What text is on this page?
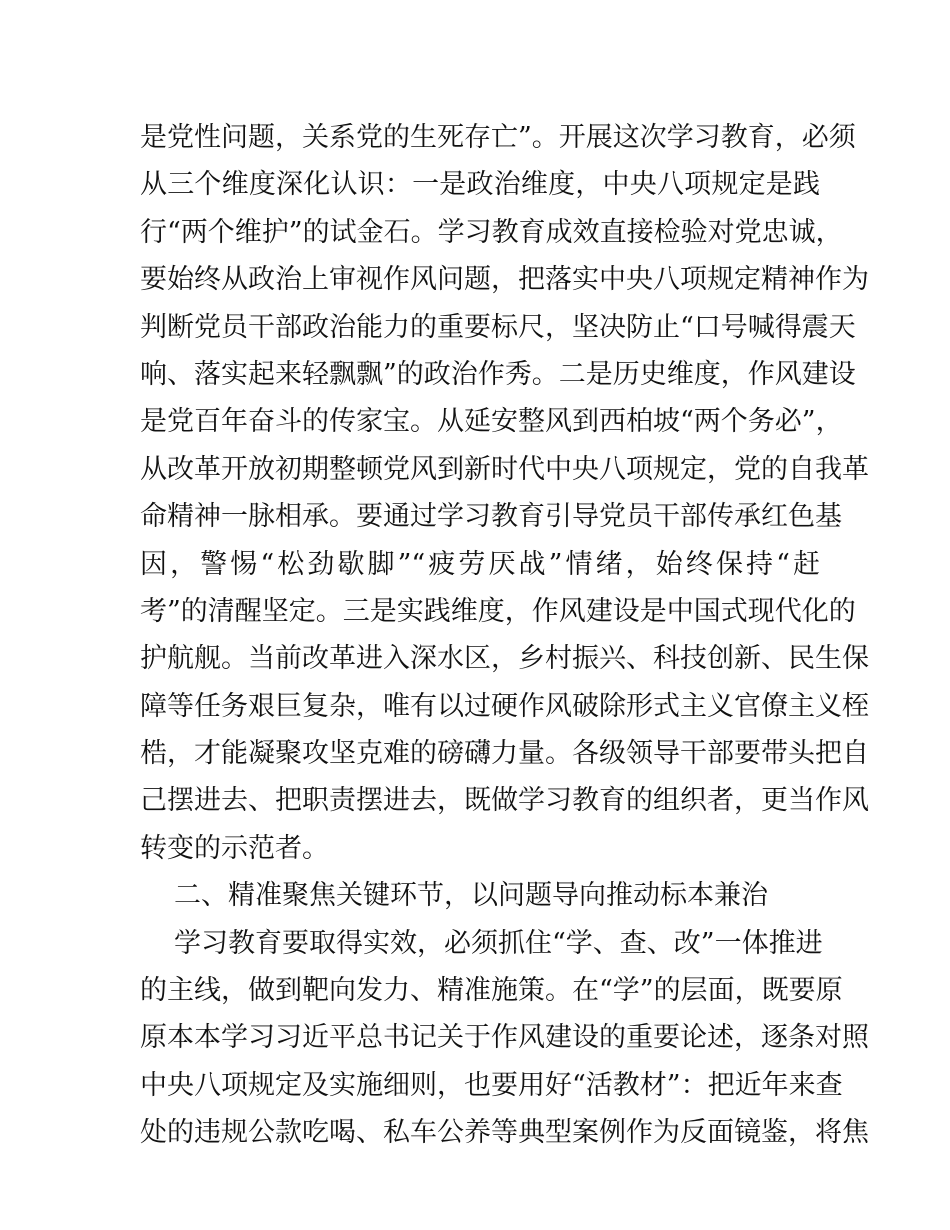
是党性问题，关系党的生死存亡”。开展这次学习教育，必须
从三个维度深化认识：一是政治维度，中央八项规定是践
行“两个维护”的试金石。学习教育成效直接检验对党忠诚，
要始终从政治上审视作风问题，把落实中央八项规定精神作为
判断党员干部政治能力的重要标尺，坚决防止“口号喊得震天
响、落实起来轻飘飘”的政治作秀。二是历史维度，作风建设
是党百年奋斗的传家宝。从延安整风到西柏坡“两个务必”，
从改革开放初期整顿党风到新时代中央八项规定，党的自我革
命精神一脉相承。要通过学习教育引导党员干部传承红色基
因，警惕“松劲歇脚”“疲劳厌战”情绪，始终保持“赶
考”的清醒坚定。三是实践维度，作风建设是中国式现代化的
护航舰。当前改革进入深水区，乡村振兴、科技创新、民生保
障等任务艰巨复杂，唯有以过硬作风破除形式主义官僚主义桎
梏，才能凝聚攻坚克难的磅礴力量。各级领导干部要带头把自
己摆进去、把职责摆进去，既做学习教育的组织者，更当作风
转变的示范者。
二、精准聚焦关键环节，以问题导向推动标本兼治
学习教育要取得实效，必须抓住“学、查、改”一体推进
的主线，做到靶向发力、精准施策。在“学”的层面，既要原
原本本学习习近平总书记关于作风建设的重要论述，逐条对照
中央八项规定及实施细则，也要用好“活教材”：把近年来查
处的违规公款吃喝、私车公养等典型案例作为反面镜鉴，将焦
